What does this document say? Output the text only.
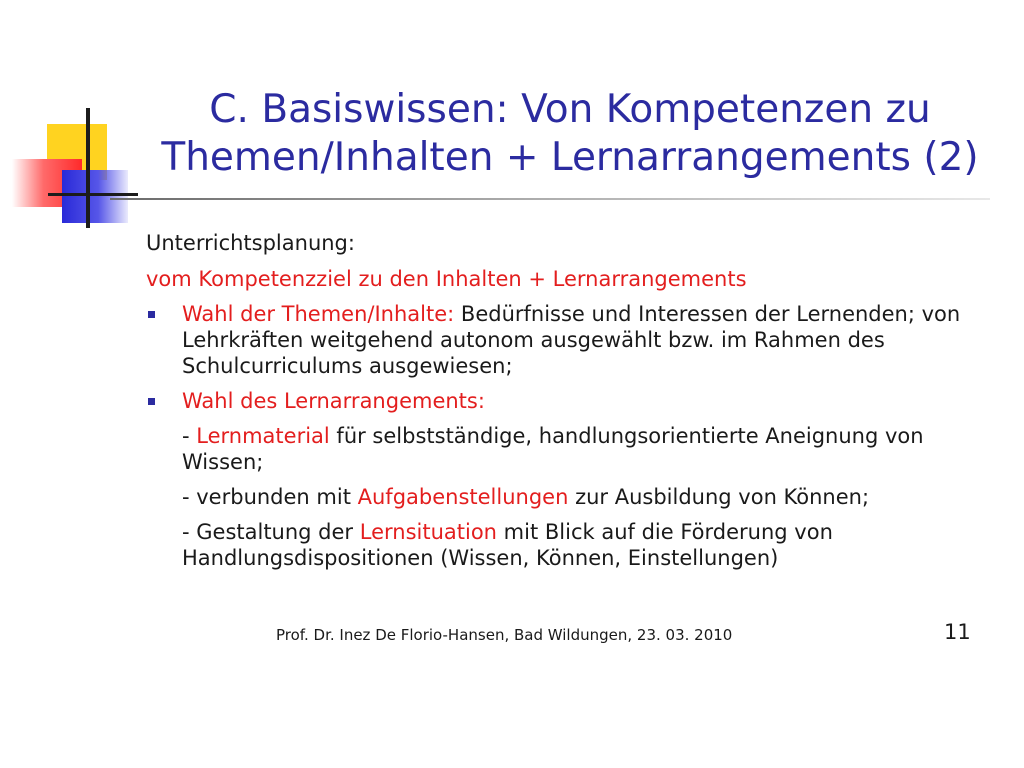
C. Basiswissen: Von Kompetenzen zu
Themen/Inhalten + Lernarrangements (2)
Unterrichtsplanung:
vom Kompetenzziel zu den Inhalten + Lernarrangements
Wahl der Themen/Inhalte: Bedürfnisse und Interessen der Lernenden; von Lehrkräften weitgehend autonom ausgewählt bzw. im Rahmen des Schulcurriculums ausgewiesen;
Wahl des Lernarrangements:
- Lernmaterial für selbstständige, handlungsorientierte Aneignung von Wissen;
- verbunden mit Aufgabenstellungen zur Ausbildung von Können;
- Gestaltung der Lernsituation mit Blick auf die Förderung von Handlungsdispositionen (Wissen, Können, Einstellungen)
Prof. Dr. Inez De Florio-Hansen, Bad Wildungen, 23. 03. 2010	11
